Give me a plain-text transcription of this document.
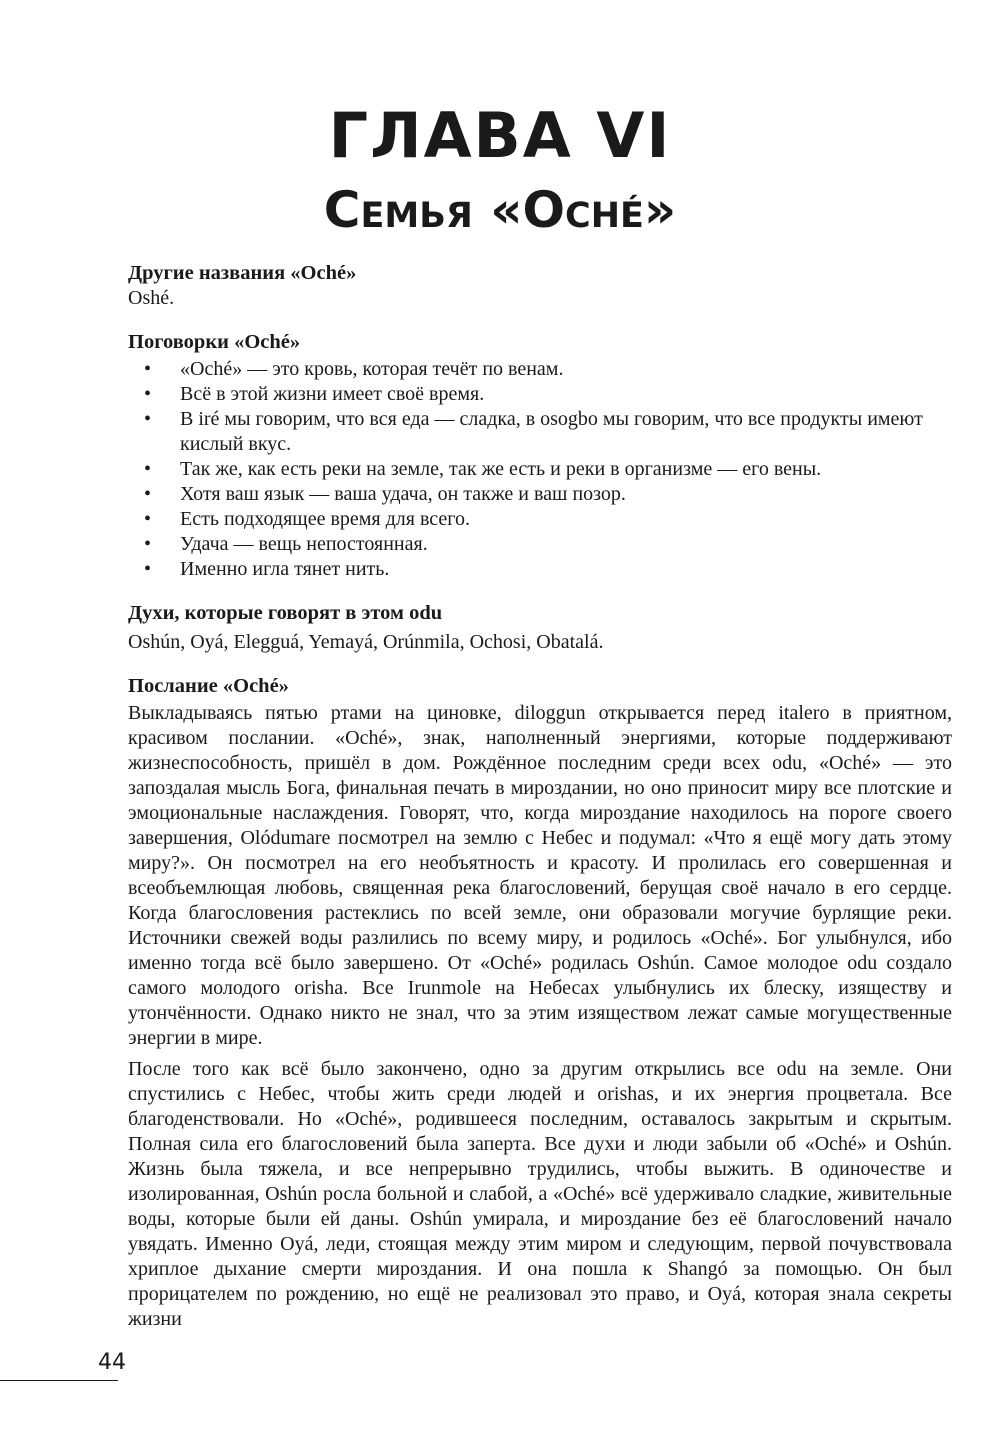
ГЛАВА VI
Семья «Oché»

Другие названия «Oché»

Oshé.

Поговорки «Oché»

• «Oché» — это кровь, которая течёт по венам.
• Всё в этой жизни имеет своё время.
• В iré мы говорим, что вся еда — сладка, в osogbo мы говорим, что все продукты имеют кислый вкус.
• Так же, как есть реки на земле, так же есть и реки в организме — его вены.
• Хотя ваш язык — ваша удача, он также и ваш позор.
• Есть подходящее время для всего.
• Удача — вещь непостоянная.
• Именно игла тянет нить.

Духи, которые говорят в этом odu

Oshún, Oyá, Elegguá, Yemayá, Orúnmila, Ochosi, Obatalá.

Послание «Oché»

Выкладываясь пятью ртами на циновке, diloggun открывается перед italero в приятном, красивом послании. «Oché», знак, наполненный энергиями, которые поддерживают жизнеспособность, пришёл в дом. Рождённое последним среди всех odu, «Oché» — это запоздалая мысль Бога, финальная печать в мироздании, но оно приносит миру все плотские и эмоциональные наслаждения. Говорят, что, когда мироздание находилось на пороге своего завершения, Olódumare посмотрел на землю с Небес и подумал: «Что я ещё могу дать этому миру?». Он посмотрел на его необъятность и красоту. И пролилась его совершенная и всеобъемлющая любовь, священная река благословений, берущая своё начало в его сердце. Когда благословения растеклись по всей земле, они образовали могучие бурлящие реки. Источники свежей воды разлились по всему миру, и родилось «Oché». Бог улыбнулся, ибо именно тогда всё было завершено. От «Oché» родилась Oshún. Самое молодое odu создало самого молодого orisha. Все Irunmole на Небесах улыбнулись их блеску, изяществу и утончённости. Однако никто не знал, что за этим изяществом лежат самые могущественные энергии в мире.

После того как всё было закончено, одно за другим открылись все odu на земле. Они спустились с Небес, чтобы жить среди людей и orishas, и их энергия процветала. Все благоденствовали. Но «Oché», родившееся последним, оставалось закрытым и скрытым. Полная сила его благословений была заперта. Все духи и люди забыли об «Oché» и Oshún. Жизнь была тяжела, и все непрерывно трудились, чтобы выжить. В одиночестве и изолированная, Oshún росла больной и слабой, а «Oché» всё удерживало сладкие, живительные воды, которые были ей даны. Oshún умирала, и мироздание без её благословений начало увядать. Именно Oyá, леди, стоящая между этим миром и следующим, первой почувствовала хриплое дыхание смерти мироздания. И она пошла к Shangó за помощью. Он был прорицателем по рождению, но ещё не реализовал это право, и Oyá, которая знала секреты жизни

44
